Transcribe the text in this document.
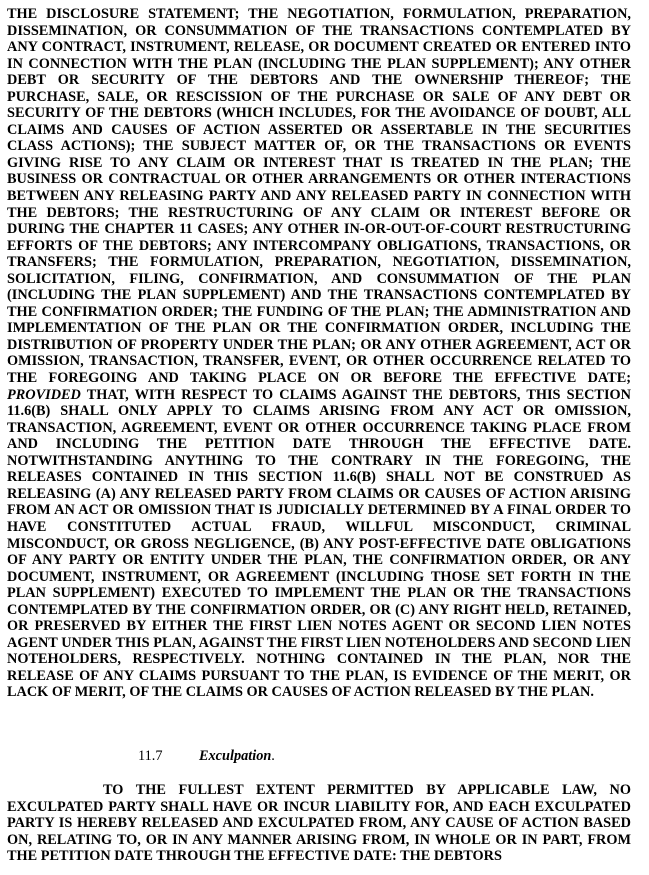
THE DISCLOSURE STATEMENT; THE NEGOTIATION, FORMULATION, PREPARATION, DISSEMINATION, OR CONSUMMATION OF THE TRANSACTIONS CONTEMPLATED BY ANY CONTRACT, INSTRUMENT, RELEASE, OR DOCUMENT CREATED OR ENTERED INTO IN CONNECTION WITH THE PLAN (INCLUDING THE PLAN SUPPLEMENT); ANY OTHER DEBT OR SECURITY OF THE DEBTORS AND THE OWNERSHIP THEREOF; THE PURCHASE, SALE, OR RESCISSION OF THE PURCHASE OR SALE OF ANY DEBT OR SECURITY OF THE DEBTORS (WHICH INCLUDES, FOR THE AVOIDANCE OF DOUBT, ALL CLAIMS AND CAUSES OF ACTION ASSERTED OR ASSERTABLE IN THE SECURITIES CLASS ACTIONS); THE SUBJECT MATTER OF, OR THE TRANSACTIONS OR EVENTS GIVING RISE TO ANY CLAIM OR INTEREST THAT IS TREATED IN THE PLAN; THE BUSINESS OR CONTRACTUAL OR OTHER ARRANGEMENTS OR OTHER INTERACTIONS BETWEEN ANY RELEASING PARTY AND ANY RELEASED PARTY IN CONNECTION WITH THE DEBTORS; THE RESTRUCTURING OF ANY CLAIM OR INTEREST BEFORE OR DURING THE CHAPTER 11 CASES; ANY OTHER IN-OR-OUT-OF-COURT RESTRUCTURING EFFORTS OF THE DEBTORS; ANY INTERCOMPANY OBLIGATIONS, TRANSACTIONS, OR TRANSFERS; THE FORMULATION, PREPARATION, NEGOTIATION, DISSEMINATION, SOLICITATION, FILING, CONFIRMATION, AND CONSUMMATION OF THE PLAN (INCLUDING THE PLAN SUPPLEMENT) AND THE TRANSACTIONS CONTEMPLATED BY THE CONFIRMATION ORDER; THE FUNDING OF THE PLAN; THE ADMINISTRATION AND IMPLEMENTATION OF THE PLAN OR THE CONFIRMATION ORDER, INCLUDING THE DISTRIBUTION OF PROPERTY UNDER THE PLAN; OR ANY OTHER AGREEMENT, ACT OR OMISSION, TRANSACTION, TRANSFER, EVENT, OR OTHER OCCURRENCE RELATED TO THE FOREGOING AND TAKING PLACE ON OR BEFORE THE EFFECTIVE DATE; PROVIDED THAT, WITH RESPECT TO CLAIMS AGAINST THE DEBTORS, THIS SECTION 11.6(B) SHALL ONLY APPLY TO CLAIMS ARISING FROM ANY ACT OR OMISSION, TRANSACTION, AGREEMENT, EVENT OR OTHER OCCURRENCE TAKING PLACE FROM AND INCLUDING THE PETITION DATE THROUGH THE EFFECTIVE DATE. NOTWITHSTANDING ANYTHING TO THE CONTRARY IN THE FOREGOING, THE RELEASES CONTAINED IN THIS SECTION 11.6(B) SHALL NOT BE CONSTRUED AS RELEASING (A) ANY RELEASED PARTY FROM CLAIMS OR CAUSES OF ACTION ARISING FROM AN ACT OR OMISSION THAT IS JUDICIALLY DETERMINED BY A FINAL ORDER TO HAVE CONSTITUTED ACTUAL FRAUD, WILLFUL MISCONDUCT, CRIMINAL MISCONDUCT, OR GROSS NEGLIGENCE, (B) ANY POST-EFFECTIVE DATE OBLIGATIONS OF ANY PARTY OR ENTITY UNDER THE PLAN, THE CONFIRMATION ORDER, OR ANY DOCUMENT, INSTRUMENT, OR AGREEMENT (INCLUDING THOSE SET FORTH IN THE PLAN SUPPLEMENT) EXECUTED TO IMPLEMENT THE PLAN OR THE TRANSACTIONS CONTEMPLATED BY THE CONFIRMATION ORDER, OR (C) ANY RIGHT HELD, RETAINED, OR PRESERVED BY EITHER THE FIRST LIEN NOTES AGENT OR SECOND LIEN NOTES AGENT UNDER THIS PLAN, AGAINST THE FIRST LIEN NOTEHOLDERS AND SECOND LIEN NOTEHOLDERS, RESPECTIVELY. NOTHING CONTAINED IN THE PLAN, NOR THE RELEASE OF ANY CLAIMS PURSUANT TO THE PLAN, IS EVIDENCE OF THE MERIT, OR LACK OF MERIT, OF THE CLAIMS OR CAUSES OF ACTION RELEASED BY THE PLAN.

11.7	Exculpation.

TO THE FULLEST EXTENT PERMITTED BY APPLICABLE LAW, NO EXCULPATED PARTY SHALL HAVE OR INCUR LIABILITY FOR, AND EACH EXCULPATED PARTY IS HEREBY RELEASED AND EXCULPATED FROM, ANY CAUSE OF ACTION BASED ON, RELATING TO, OR IN ANY MANNER ARISING FROM, IN WHOLE OR IN PART, FROM THE PETITION DATE THROUGH THE EFFECTIVE DATE: THE DEBTORS
